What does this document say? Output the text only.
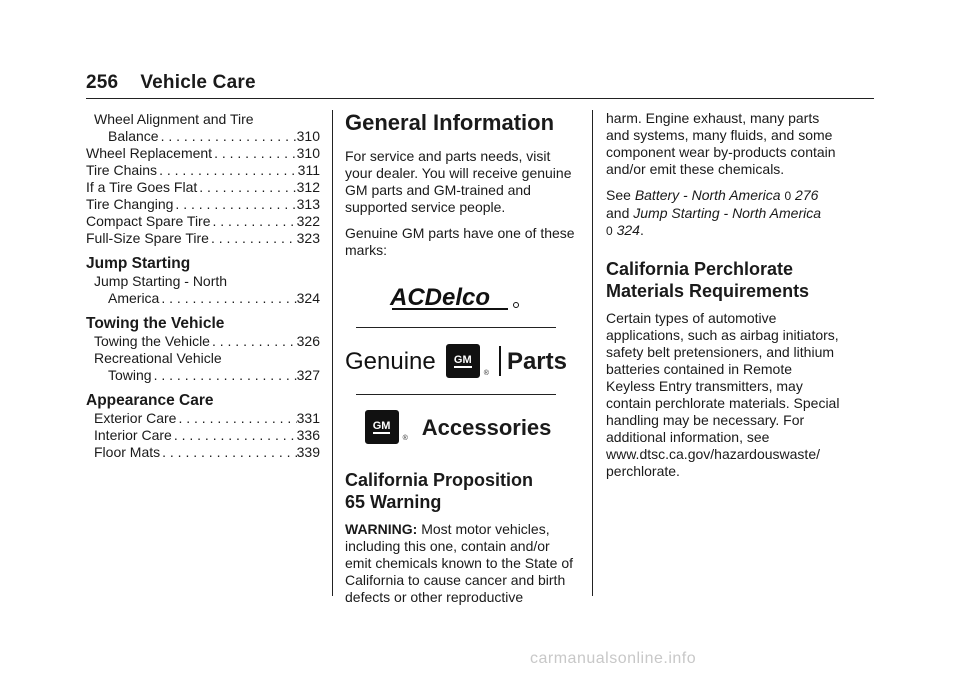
256 Vehicle Care
Wheel Alignment and Tire
Balance . . .	310
Wheel Replacement . . .	310
Tire Chains . . .	311
If a Tire Goes Flat . . .	312
Tire Changing . . .	313
Compact Spare Tire . . .	322
Full-Size Spare Tire . . .	323
Jump Starting
Jump Starting - North
America . . .	324
Towing the Vehicle
Towing the Vehicle . . .	326
Recreational Vehicle
Towing . . .	327
Appearance Care
Exterior Care . . .	331
Interior Care . . .	336
Floor Mats . . .	339
General Information

For service and parts needs, visit your dealer. You will receive genuine GM parts and GM-trained and supported service people.

Genuine GM parts have one of these marks:

ACDelco
Genuine GM
® Parts
GM
® Accessories
California Proposition
65 Warning

WARNING: Most motor vehicles, including this one, contain and/or emit chemicals known to the State of California to cause cancer and birth defects or other reproductive

harm. Engine exhaust, many parts and systems, many fluids, and some component wear by-products contain and/or emit these chemicals.

See Battery - North America 0 276
and Jump Starting - North America
0 324.

California Perchlorate
Materials Requirements

Certain types of automotive applications, such as airbag initiators, safety belt pretensioners, and lithium batteries contained in Remote Keyless Entry transmitters, may contain perchlorate materials. Special handling may be necessary. For additional information, see www.dtsc.ca.gov/hazardouswaste/ perchlorate.

carmanualsonline.info
